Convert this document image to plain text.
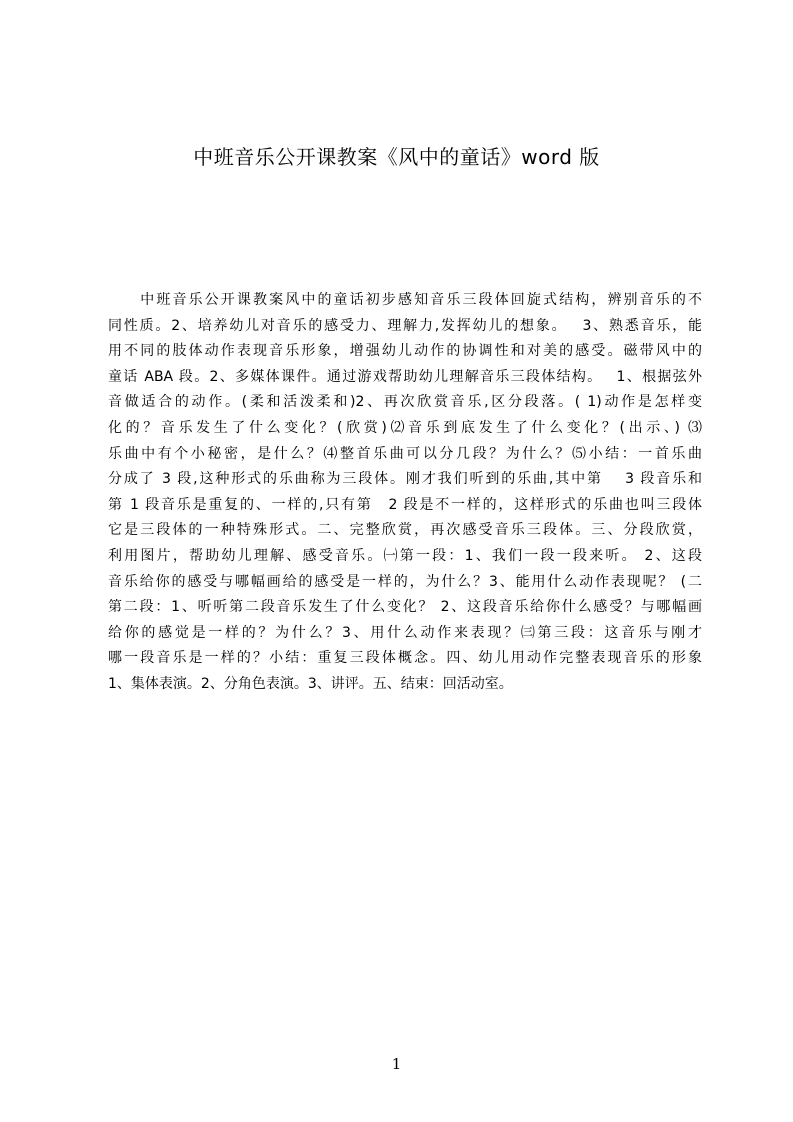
中班音乐公开课教案《风中的童话》word 版
　　中班音乐公开课教案风中的童话初步感知音乐三段体回旋式结构，辨别音乐的不
同性质。2、培养幼儿对音乐的感受力、理解力,发挥幼儿的想象。　 3、熟悉音乐，能
用不同的肢体动作表现音乐形象，增强幼儿动作的协调性和对美的感受。磁带风中的
童话 ABA 段。2、多媒体课件。通过游戏帮助幼儿理解音乐三段体结构。　 1、根据弦外
音做适合的动作。(柔和活泼柔和)2、再次欣赏音乐,区分段落。( 1)动作是怎样变
化的？音乐发生了什么变化？(欣赏)⑵音乐到底发生了什么变化？(出示、) ⑶
乐曲中有个小秘密，是什么？⑷整首乐曲可以分几段？为什么？⑸小结：一首乐曲
分成了 3 段,这种形式的乐曲称为三段体。刚才我们听到的乐曲,其中第　 3 段音乐和
第 1 段音乐是重复的、一样的,只有第　2 段是不一样的，这样形式的乐曲也叫三段体
它是三段体的一种特殊形式。二、完整欣赏，再次感受音乐三段体。三、分段欣赏，
利用图片，帮助幼儿理解、感受音乐。㈠第一段：1、我们一段一段来听。 2、这段
音乐给你的感受与哪幅画给的感受是一样的，为什么？3、能用什么动作表现呢？ (二
第二段：1、听听第二段音乐发生了什么变化？ 2、这段音乐给你什么感受？与哪幅画
给你的感觉是一样的？为什么？3、用什么动作来表现？㈢第三段：这音乐与刚才
哪一段音乐是一样的？小结：重复三段体概念。四、幼儿用动作完整表现音乐的形象
1、集体表演。2、分角色表演。3、讲评。五、结束：回活动室。
1
